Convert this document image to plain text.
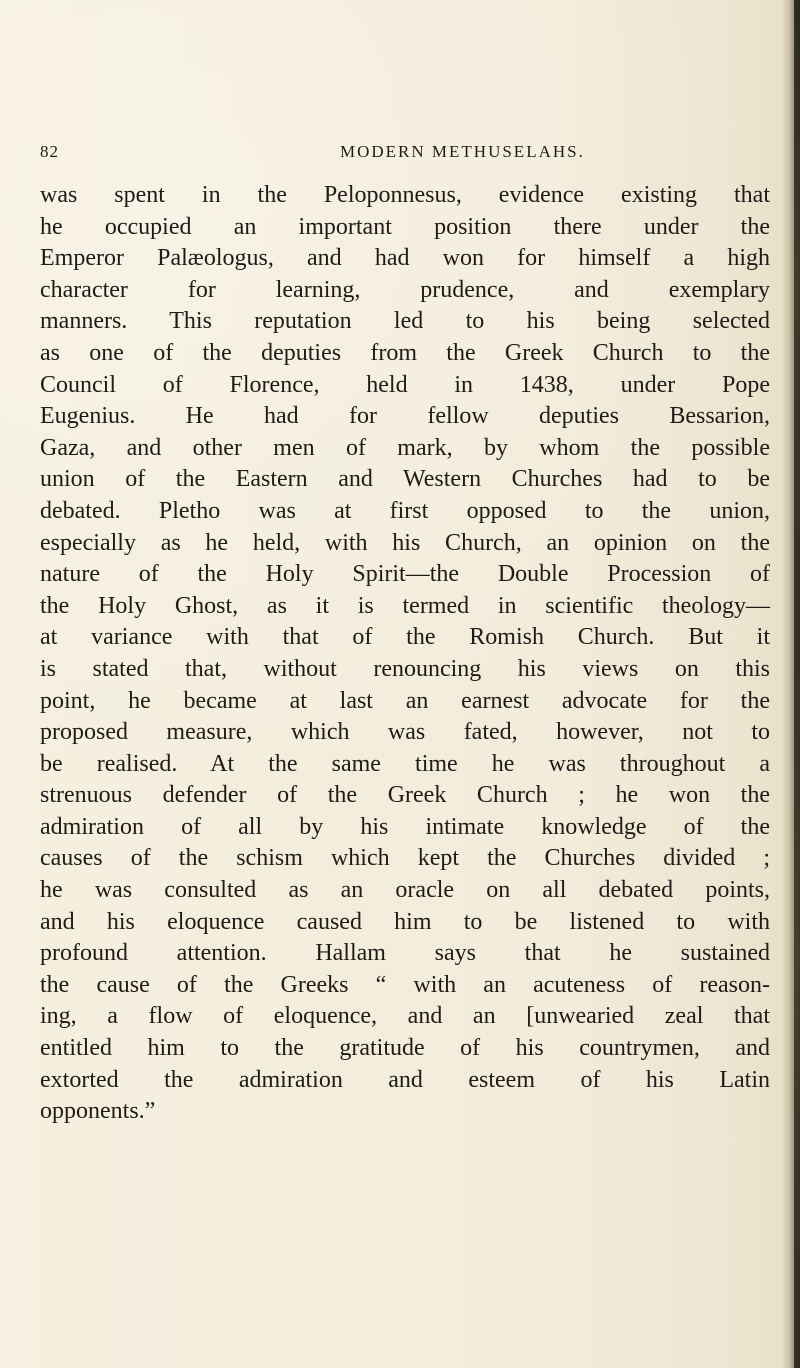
82	MODERN METHUSELAHS.
was spent in the Peloponnesus, evidence existing that
he occupied an important position there under the
Emperor Palæologus, and had won for himself a high
character for learning, prudence, and exemplary
manners. This reputation led to his being selected
as one of the deputies from the Greek Church to the
Council of Florence, held in 1438, under Pope
Eugenius. He had for fellow deputies Bessarion,
Gaza, and other men of mark, by whom the possible
union of the Eastern and Western Churches had to be
debated. Pletho was at first opposed to the union,
especially as he held, with his Church, an opinion on the
nature of the Holy Spirit—the Double Procession of
the Holy Ghost, as it is termed in scientific theology—
at variance with that of the Romish Church. But it
is stated that, without renouncing his views on this
point, he became at last an earnest advocate for the
proposed measure, which was fated, however, not to
be realised. At the same time he was throughout a
strenuous defender of the Greek Church ; he won the
admiration of all by his intimate knowledge of the
causes of the schism which kept the Churches divided ;
he was consulted as an oracle on all debated points,
and his eloquence caused him to be listened to with
profound attention. Hallam says that he sustained
the cause of the Greeks “ with an acuteness of reason-
ing, a flow of eloquence, and an [unwearied zeal that
entitled him to the gratitude of his countrymen, and
extorted the admiration and esteem of his Latin
opponents.”
